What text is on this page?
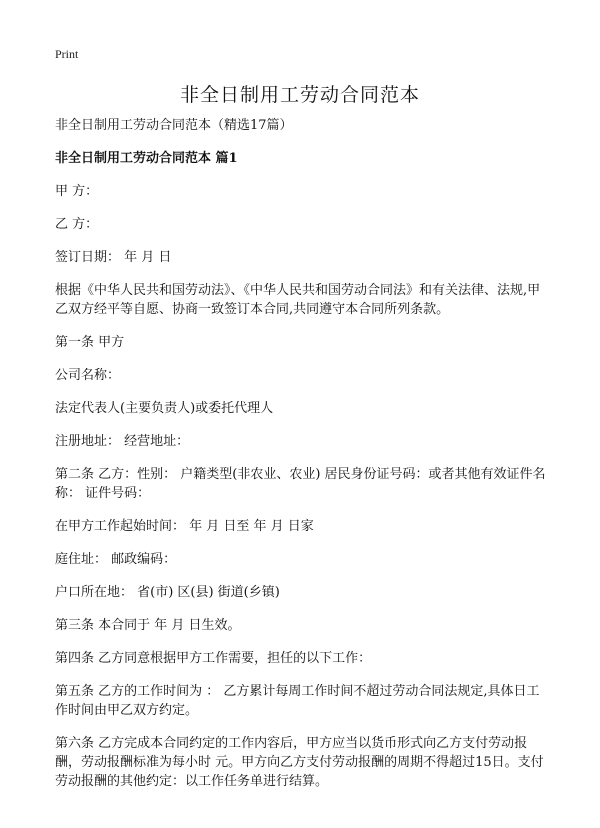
Print
非全日制用工劳动合同范本

非全日制用工劳动合同范本（精选17篇）

非全日制用工劳动合同范本 篇1

甲 方：

乙 方：

签订日期： 年 月 日

根据《中华人民共和国劳动法》、《中华人民共和国劳动合同法》和有关法律、法规,甲乙双方经平等自愿、协商一致签订本合同,共同遵守本合同所列条款。

第一条 甲方

公司名称：

法定代表人(主要负责人)或委托代理人

注册地址： 经营地址：

第二条 乙方：性别： 户籍类型(非农业、农业) 居民身份证号码：或者其他有效证件名称： 证件号码：

在甲方工作起始时间： 年 月 日至 年 月 日家

庭住址： 邮政编码：

户口所在地： 省(市) 区(县) 街道(乡镇)

第三条 本合同于 年 月 日生效。

第四条 乙方同意根据甲方工作需要，担任的以下工作：

第五条 乙方的工作时间为 ： 乙方累计每周工作时间不超过劳动合同法规定,具体日工作时间由甲乙双方约定。

第六条 乙方完成本合同约定的工作内容后，甲方应当以货币形式向乙方支付劳动报酬，劳动报酬标准为每小时 元。甲方向乙方支付劳动报酬的周期不得超过15日。支付劳动报酬的其他约定：以工作任务单进行结算。
